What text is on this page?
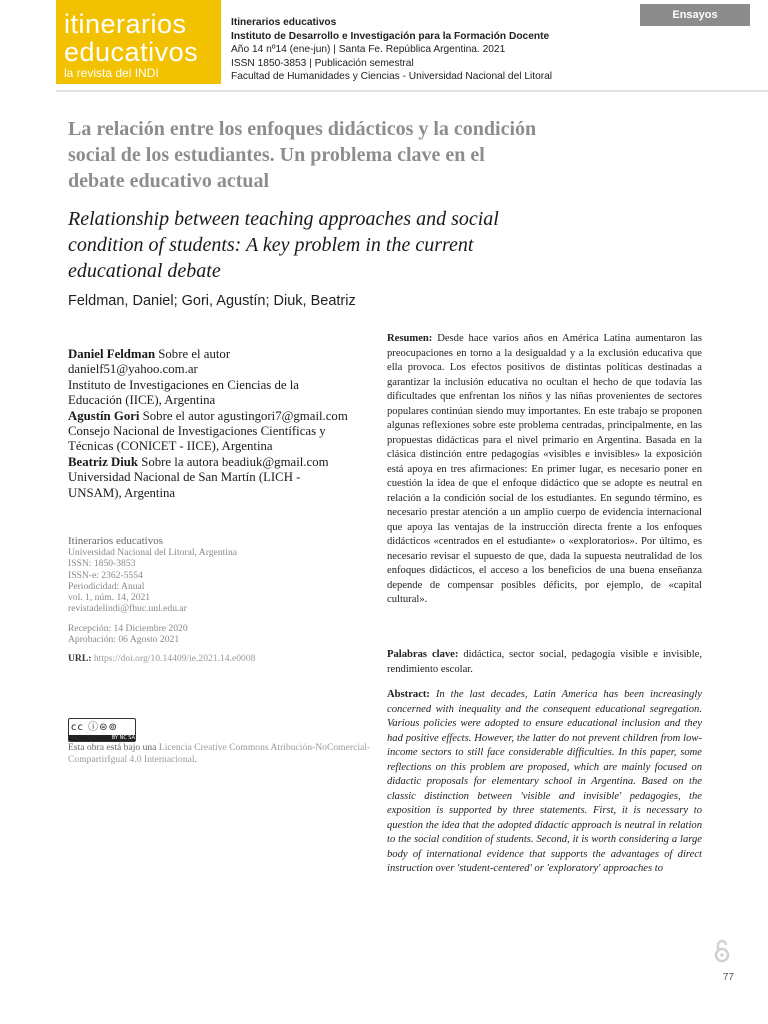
itinerarios
educativos
la revista del INDI
Itinerarios educativos
Instituto de Desarrollo e Investigación para la Formación Docente
Año 14 nº14 (ene-jun) | Santa Fe. República Argentina. 2021
ISSN 1850-3853 | Publicación semestral
Facultad de Humanidades y Ciencias - Universidad Nacional del Litoral
Ensayos
La relación entre los enfoques didácticos y la condición social de los estudiantes. Un problema clave en el debate educativo actual
Relationship between teaching approaches and social condition of students: A key problem in the current educational debate
Feldman, Daniel; Gori, Agustín; Diuk, Beatriz
Daniel Feldman Sobre el autor
danielf51@yahoo.com.ar
Instituto de Investigaciones en Ciencias de la
Educación (IICE), Argentina
Agustín Gori Sobre el autor agustingori7@gmail.com
Consejo Nacional de Investigaciones Científicas y
Técnicas (CONICET - IICE), Argentina
Beatriz Diuk Sobre la autora beadiuk@gmail.com
Universidad Nacional de San Martín (LICH -
UNSAM), Argentina
Itinerarios educativos
Universidad Nacional del Litoral, Argentina
ISSN: 1850-3853
ISSN-e: 2362-5554
Periodicidad: Anual
vol. 1, núm. 14, 2021
revistadelindi@fhuc.unl.edu.ar
Recepción: 14 Diciembre 2020
Aprobación: 06 Agosto 2021
URL: https://doi.org/10.14409/ie.2021.14.e0008
cc ⓘ⊜⊚
BY NC SA
Esta obra está bajo una Licencia Creative Commons Atribución-NoComercial-CompartirIgual 4.0 Internacional.
Resumen: Desde hace varios años en América Latina aumentaron las preocupaciones en torno a la desigualdad y a la exclusión educativa que ella provoca. Los efectos positivos de distintas políticas destinadas a garantizar la inclusión educativa no ocultan el hecho de que todavía las dificultades que enfrentan los niños y las niñas provenientes de sectores populares continúan siendo muy importantes. En este trabajo se proponen algunas reflexiones sobre este problema centradas, principalmente, en las propuestas didácticas para el nivel primario en Argentina. Basada en la clásica distinción entre pedagogías «visibles e invisibles» la exposición está apoya en tres afirmaciones: En primer lugar, es necesario poner en cuestión la idea de que el enfoque didáctico que se adopte es neutral en relación a la condición social de los estudiantes. En segundo término, es necesario prestar atención a un amplio cuerpo de evidencia internacional que apoya las ventajas de la instrucción directa frente a los enfoques didácticos «centrados en el estudiante» o «exploratorios». Por último, es necesario revisar el supuesto de que, dada la supuesta neutralidad de los enfoques didácticos, el acceso a los beneficios de una buena enseñanza depende de compensar posibles déficits, por ejemplo, de «capital cultural».
Palabras clave: didáctica, sector social, pedagogía visible e invisible, rendimiento escolar.
Abstract: In the last decades, Latin America has been increasingly concerned with inequality and the consequent educational segregation. Various policies were adopted to ensure educational inclusion and they had positive effects. However, the latter do not prevent children from low-income sectors to still face considerable difficulties. In this paper, some reflections on this problem are proposed, which are mainly focused on didactic proposals for elementary school in Argentina. Based on the classic distinction between 'visible and invisible' pedagogies, the exposition is supported by three statements. First, it is necessary to question the idea that the adopted didactic approach is neutral in relation to the social condition of students. Second, it is worth considering a large body of international evidence that supports the advantages of direct instruction over 'student-centered' or 'exploratory' approaches to
77
